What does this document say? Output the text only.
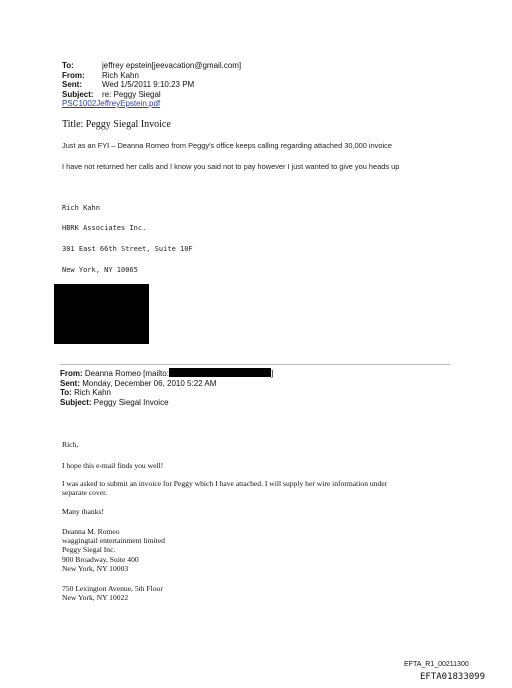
To:	jeffrey epstein[jeevacation@gmail.com]
From:	Rich Kahn
Sent:	Wed 1/5/2011 9:10:23 PM
Subject:	re: Peggy Siegal
PSC1002JeffreyEpstein.pdf
Title: Peggy Siegal Invoice
Just as an FYI – Deanna Romeo from Peggy's office keeps calling regarding attached 30,000 invoice
I have not returned her calls and I know you said not to pay however I just wanted to give you heads up
Rich Kahn
HBRK Associates Inc.
301 East 66th Street, Suite 10F
New York, NY 10065
From: Deanna Romeo [mailto:	]
Sent: Monday, December 06, 2010 5:22 AM
To: Rich Kahn
Subject: Peggy Siegal Invoice
Rich,
I hope this e-mail finds you well!
I was asked to submit an invoice for Peggy which I have attached. I will supply her wire information under
separate cover.
Many thanks!
Deanna M. Romeo
waggingtail entertainment limited
Peggy Siegal Inc.
900 Broadway, Suite 400
New York, NY 10003
750 Lexington Avenue, 5th Floor
New York, NY 10022
EFTA_R1_00211300
EFTA01833099
